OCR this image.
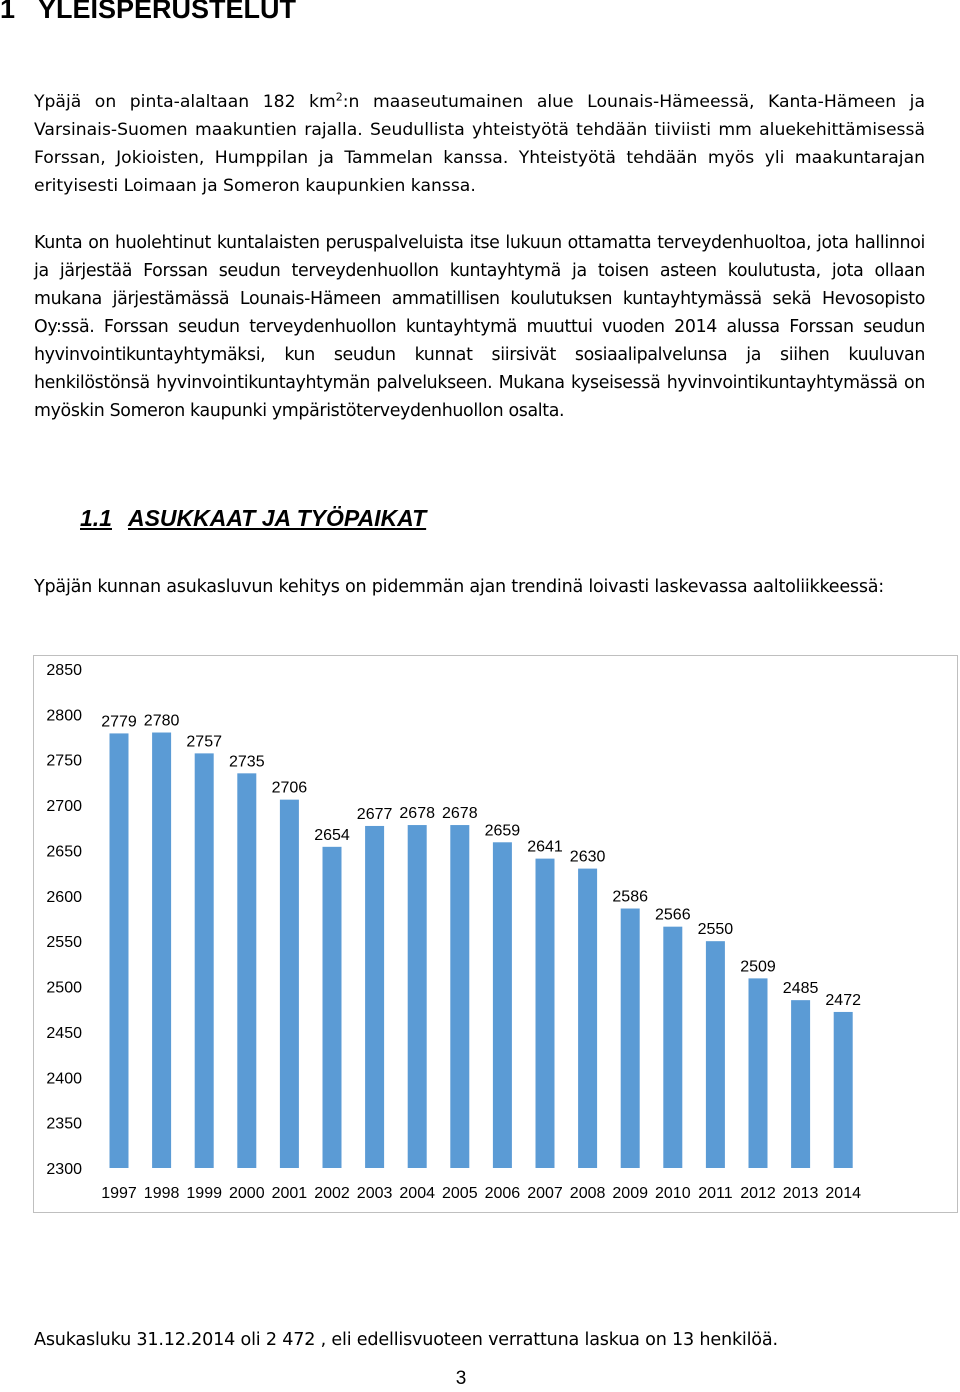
1 YLEISPERUSTELUT

Ypäjä on pinta-alaltaan 182 $km^2:n$ maaseutumainen alue Lounais-Hämeessä, Kanta-Hämeen ja Varsinais-Suomen maakuntien rajalla. Seudullista yhteistyötä tehdään tiiviisti mm aluekehittämisessä Forssan, Jokioisten, Humppilan ja Tammelan kanssa. Yhteistyötä tehdään myös yli maakuntarajan erityisesti Loimaan ja Someron kaupunkien kanssa.

Kunta on huolehtinut kuntalaisten peruspalveluista itse lukuun ottamatta terveydenhuoltoa, jota hallinnoi ja järjestää Forssan seudun terveydenhuollon kuntayhtymä ja toisen asteen koulutusta, jota ollaan mukana järjestämässä Lounais-Hämeen ammatillisen koulutuksen kuntayhtymässä sekä Hevosopisto Oy:ssä. Forssan seudun terveydenhuollon kuntayhtymä muuttui vuoden 2014 alussa Forssan seudun hyvinvointikuntayhtymäksi, kun seudun kunnat siirsivät sosiaalipalvelunsa ja siihen kuuluvan henkilöstönsä hyvinvointikuntayhtymän palvelukseen. Mukana kyseisessä hyvinvointikuntayhtymässä on myöskin Someron kaupunki ympäristöterveydenhuollon osalta.

1.1 ASUKKAAT JA TYÖPAIKAT

Ypäjän kunnan asukasluvun kehitys on pidemmän ajan trendinä loivasti laskevassa aaltoliikkeessä:

2850
2800
2750
2700
2650
2600
2550
2500
2450
2400
2350
2300
2779
1997
2780
1998
2757
1999
2735
2000
2706
2001
2654
2002
2677
2003
2678
2004
2678
2005
2659
2006
2641
2007
2630
2008
2586
2009
2566
2010
2550
2011
2509
2012
2485
2013
2472
2014

Asukasluku 31.12.2014 oli 2 472 , eli edellisvuoteen verrattuna laskua on 13 henkilöä.

3
